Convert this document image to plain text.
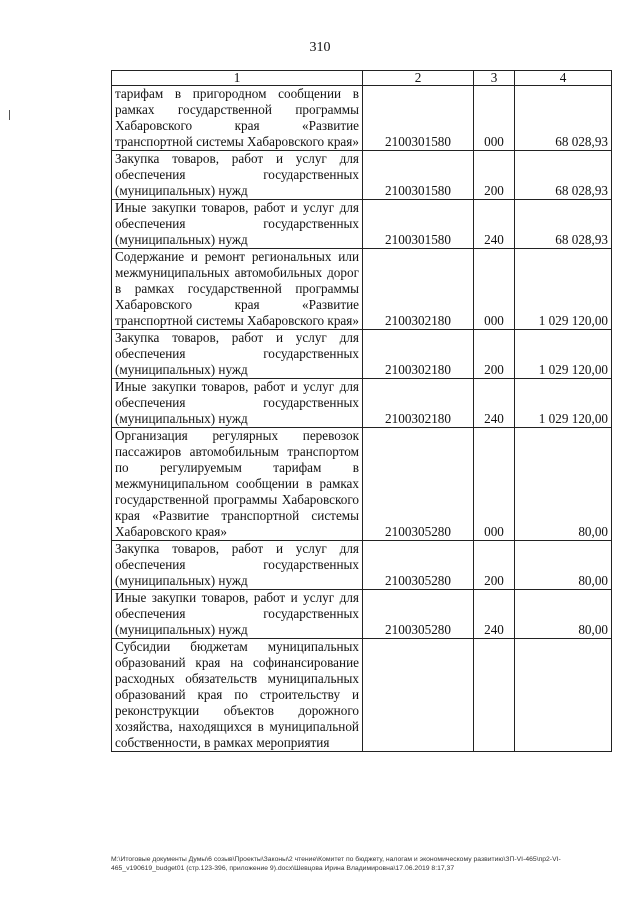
310
1	2	3	4
тарифам в пригородном сообщении в рамках государственной программы Хабаровского края «Развитие транспортной системы Хабаровского края»	2100301580	000	68 028,93
Закупка товаров, работ и услуг для обеспечения государственных (муниципальных) нужд	2100301580	200	68 028,93
Иные закупки товаров, работ и услуг для обеспечения государственных (муниципальных) нужд	2100301580	240	68 028,93
Содержание и ремонт региональных или межмуниципальных автомобильных дорог в рамках государственной программы Хабаровского края «Развитие транспортной системы Хабаровского края»	2100302180	000	1 029 120,00
Закупка товаров, работ и услуг для обеспечения государственных (муниципальных) нужд	2100302180	200	1 029 120,00
Иные закупки товаров, работ и услуг для обеспечения государственных (муниципальных) нужд	2100302180	240	1 029 120,00
Организация регулярных перевозок пассажиров автомобильным транспортом по регулируемым тарифам в межмуниципальном сообщении в рамках государственной программы Хабаровского края «Развитие транспортной системы Хабаровского края»	2100305280	000	80,00
Закупка товаров, работ и услуг для обеспечения государственных (муниципальных) нужд	2100305280	200	80,00
Иные закупки товаров, работ и услуг для обеспечения государственных (муниципальных) нужд	2100305280	240	80,00
Субсидии бюджетам муниципальных образований края на софинансирование расходных обязательств муниципальных образований края по строительству и реконструкции объектов дорожного хозяйства, находящихся в муниципальной собственности, в рамках мероприятия			
М:\Итоговые документы Думы\6 созыв\Проекты\Законы\2 чтение\Комитет по бюджету, налогам и экономическому развитию\ЗП-VI-465\пр2-VI-465_v190619_budget01 (стр.123-396, приложение 9).docx\Шевцова Ирина Владимировна\17.06.2019 8:17,37
